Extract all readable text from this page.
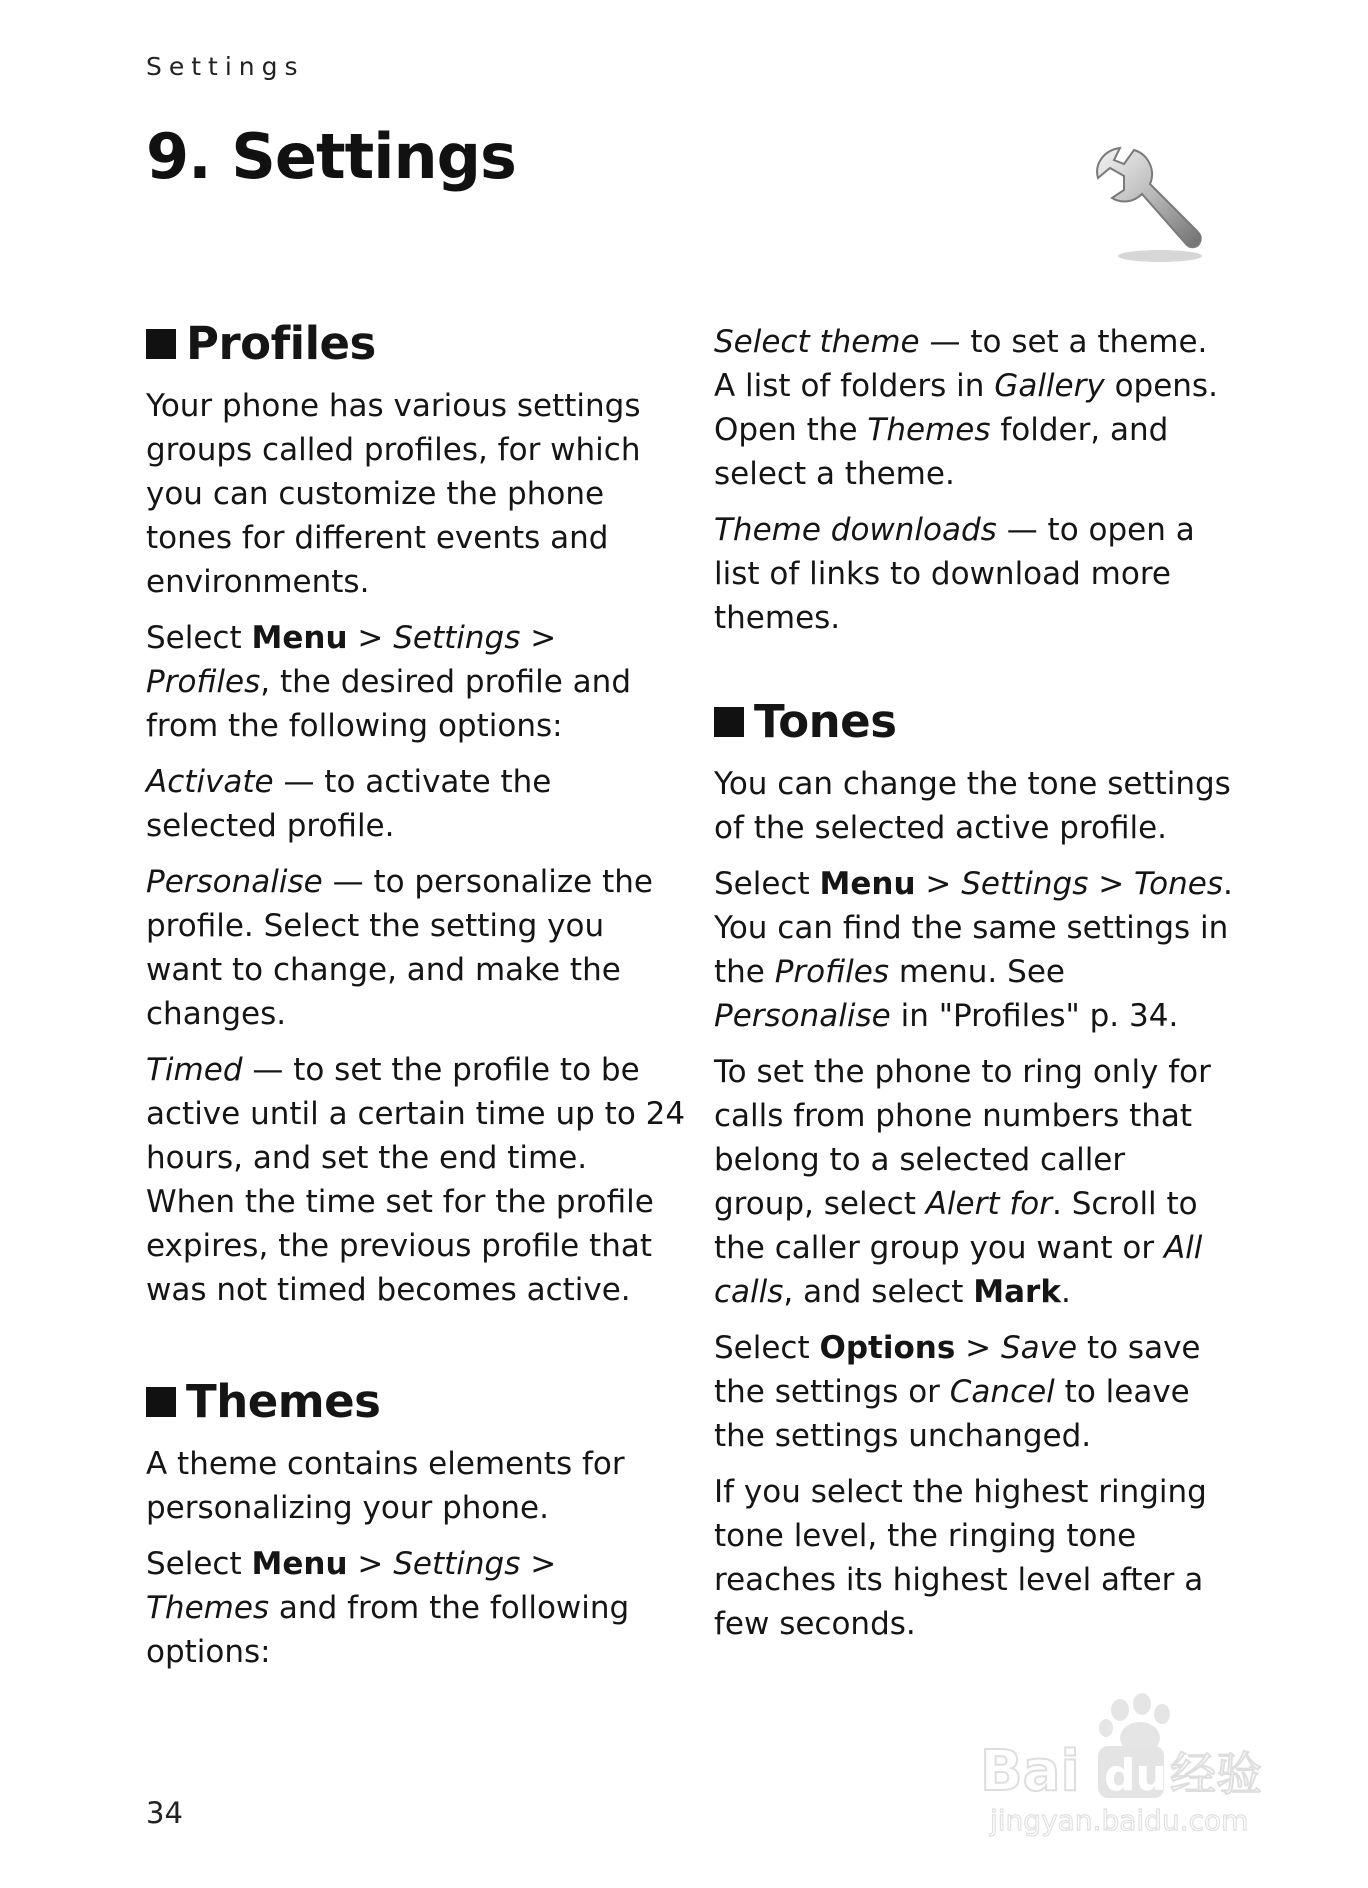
Settings
9. Settings
Profiles

Your phone has various settings groups called profiles, for which you can customize the phone tones for different events and environments.

Select Menu > Settings > Profiles, the desired profile and from the following options:

Activate — to activate the selected profile.

Personalise — to personalize the profile. Select the setting you want to change, and make the changes.

Timed — to set the profile to be active until a certain time up to 24 hours, and set the end time. When the time set for the profile expires, the previous profile that was not timed becomes active.

Themes

A theme contains elements for personalizing your phone.

Select Menu > Settings > Themes and from the following options:

Select theme — to set a theme. A list of folders in Gallery opens. Open the Themes folder, and select a theme.

Theme downloads — to open a list of links to download more themes.

Tones

You can change the tone settings of the selected active profile.

Select Menu > Settings > Tones. You can find the same settings in the Profiles menu. See Personalise in "Profiles" p. 34.

To set the phone to ring only for calls from phone numbers that belong to a selected caller group, select Alert for. Scroll to the caller group you want or All calls, and select Mark.

Select Options > Save to save the settings or Cancel to leave the settings unchanged.

If you select the highest ringing tone level, the ringing tone reaches its highest level after a few seconds.

34
Bai du 经验
jingyan.baidu.com
